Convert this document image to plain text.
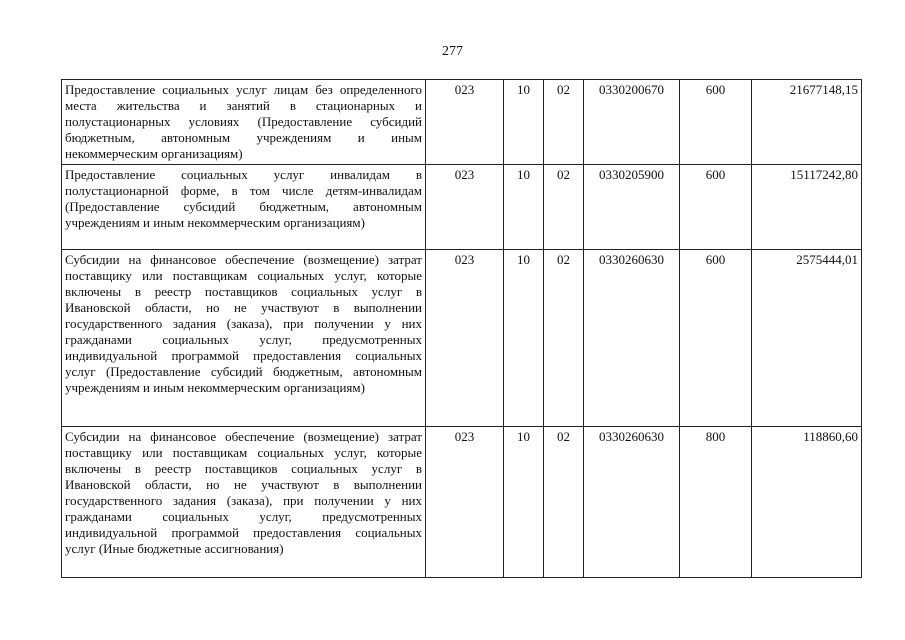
277
Предоставление социальных услуг лицам без определенного места жительства и занятий в стационарных и полустационарных условиях (Предоставление субсидий бюджетным, автономным учреждениям и иным некоммерческим организациям)	023	10	02	0330200670	600	21677148,15
Предоставление социальных услуг инвалидам в полустационарной форме, в том числе детям-инвалидам (Предоставление субсидий бюджетным, автономным учреждениям и иным некоммерческим организациям)	023	10	02	0330205900	600	15117242,80
Субсидии на финансовое обеспечение (возмещение) затрат поставщику или поставщикам социальных услуг, которые включены в реестр поставщиков социальных услуг в Ивановской области, но не участвуют в выполнении государственного задания (заказа), при получении у них гражданами социальных услуг, предусмотренных индивидуальной программой предоставления социальных услуг (Предоставление субсидий бюджетным, автономным учреждениям и иным некоммерческим организациям)	023	10	02	0330260630	600	2575444,01
Субсидии на финансовое обеспечение (возмещение) затрат поставщику или поставщикам социальных услуг, которые включены в реестр поставщиков социальных услуг в Ивановской области, но не участвуют в выполнении государственного задания (заказа), при получении у них гражданами социальных услуг, предусмотренных индивидуальной программой предоставления социальных услуг (Иные бюджетные ассигнования)	023	10	02	0330260630	800	118860,60
